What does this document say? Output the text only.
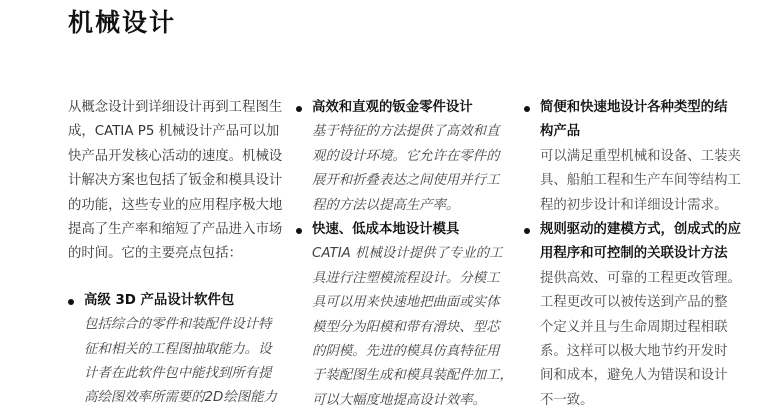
机械设计

从概念设计到详细设计再到工程图生
成，CATIA P5 机械设计产品可以加
快产品开发核心活动的速度。机械设
计解决方案也包括了钣金和模具设计
的功能，这些专业的应用程序极大地
提高了生产率和缩短了产品进入市场
的时间。它的主要亮点包括：

高级 3D 产品设计软件包
包括综合的零件和装配件设计特
征和相关的工程图抽取能力。设
计者在此软件包中能找到所有提
高绘图效率所需要的2D绘图能力
高效和直观的钣金零件设计
基于特征的方法提供了高效和直
观的设计环境。它允许在零件的
展开和折叠表达之间使用并行工
程的方法以提高生产率。
快速、低成本地设计模具
CATIA 机械设计提供了专业的工
具进行注塑模流程设计。分模工
具可以用来快速地把曲面或实体
模型分为阳模和带有滑块、型芯
的阴模。先进的模具仿真特征用
于装配图生成和模具装配件加工，
可以大幅度地提高设计效率。
简便和快速地设计各种类型的结
构产品
可以满足重型机械和设备、工装夹
具、船舶工程和生产车间等结构工
程的初步设计和详细设计需求。
规则驱动的建模方式，创成式的应
用程序和可控制的关联设计方法
提供高效、可靠的工程更改管理。
工程更改可以被传送到产品的整
个定义并且与生命周期过程相联
系。这样可以极大地节约开发时
间和成本，避免人为错误和设计
不一致。
